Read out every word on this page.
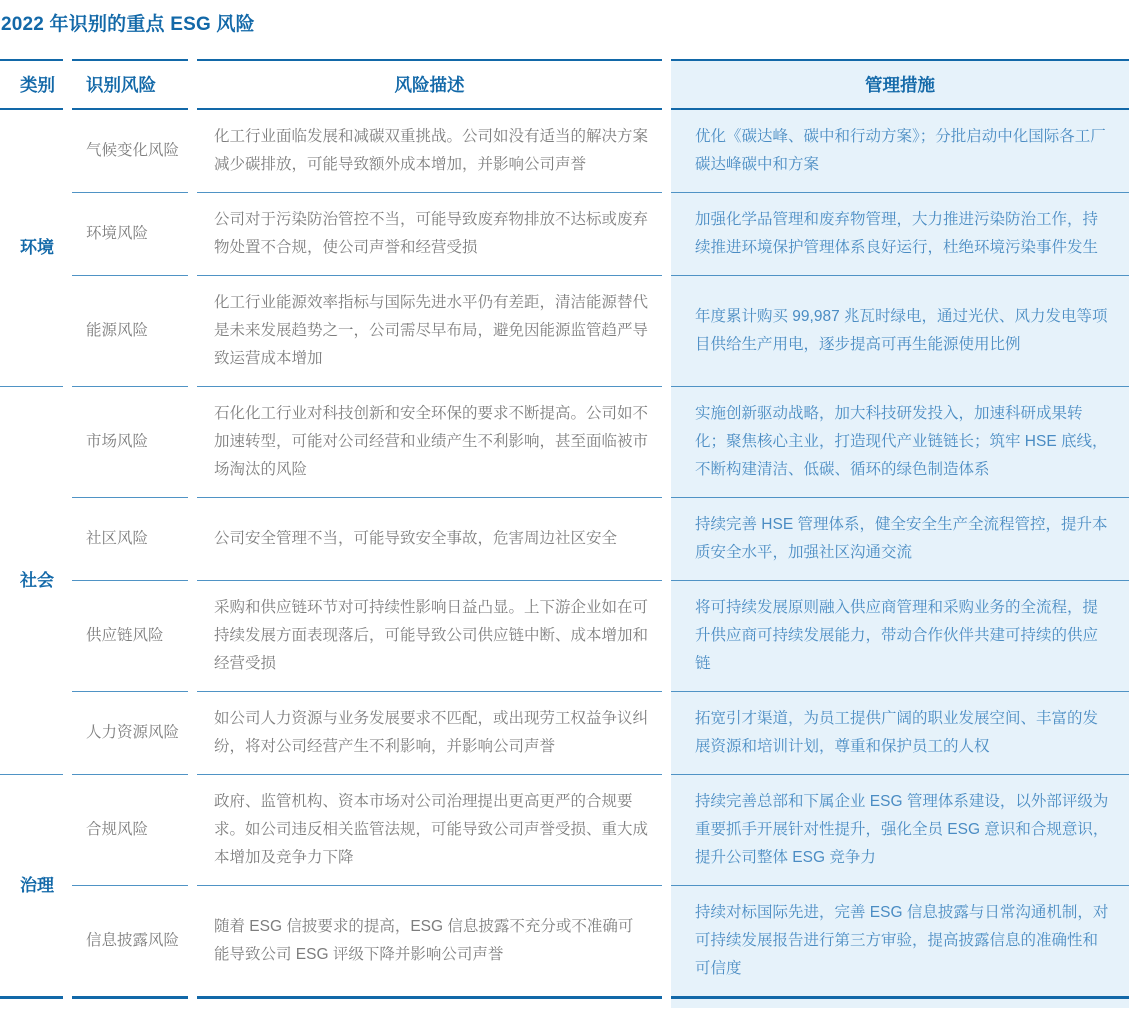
2022 年识别的重点 ESG 风险
类别	识别风险	风险描述	管理措施
环境	气候变化风险	化工行业面临发展和减碳双重挑战。公司如没有适当的解决方案减少碳排放，可能导致额外成本增加，并影响公司声誉	优化《碳达峰、碳中和行动方案》；分批启动中化国际各工厂碳达峰碳中和方案
	环境风险	公司对于污染防治管控不当，可能导致废弃物排放不达标或废弃物处置不合规，使公司声誉和经营受损	加强化学品管理和废弃物管理，大力推进污染防治工作，持续推进环境保护管理体系良好运行，杜绝环境污染事件发生
	能源风险	化工行业能源效率指标与国际先进水平仍有差距，清洁能源替代是未来发展趋势之一，公司需尽早布局，避免因能源监管趋严导致运营成本增加	年度累计购买 99,987 兆瓦时绿电，通过光伏、风力发电等项目供给生产用电，逐步提高可再生能源使用比例
社会	市场风险	石化化工行业对科技创新和安全环保的要求不断提高。公司如不加速转型，可能对公司经营和业绩产生不利影响，甚至面临被市场淘汰的风险	实施创新驱动战略，加大科技研发投入，加速科研成果转化；聚焦核心主业，打造现代产业链链长；筑牢 HSE 底线，不断构建清洁、低碳、循环的绿色制造体系
	社区风险	公司安全管理不当，可能导致安全事故，危害周边社区安全	持续完善 HSE 管理体系，健全安全生产全流程管控，提升本质安全水平，加强社区沟通交流
	供应链风险	采购和供应链环节对可持续性影响日益凸显。上下游企业如在可持续发展方面表现落后，可能导致公司供应链中断、成本增加和经营受损	将可持续发展原则融入供应商管理和采购业务的全流程，提升供应商可持续发展能力，带动合作伙伴共建可持续的供应链
	人力资源风险	如公司人力资源与业务发展要求不匹配，或出现劳工权益争议纠纷，将对公司经营产生不利影响，并影响公司声誉	拓宽引才渠道，为员工提供广阔的职业发展空间、丰富的发展资源和培训计划，尊重和保护员工的人权
治理	合规风险	政府、监管机构、资本市场对公司治理提出更高更严的合规要求。如公司违反相关监管法规，可能导致公司声誉受损、重大成本增加及竞争力下降	持续完善总部和下属企业 ESG 管理体系建设，以外部评级为重要抓手开展针对性提升，强化全员 ESG 意识和合规意识，提升公司整体 ESG 竞争力
	信息披露风险	随着 ESG 信披要求的提高，ESG 信息披露不充分或不准确可能导致公司 ESG 评级下降并影响公司声誉	持续对标国际先进，完善 ESG 信息披露与日常沟通机制，对可持续发展报告进行第三方审验，提高披露信息的准确性和可信度
